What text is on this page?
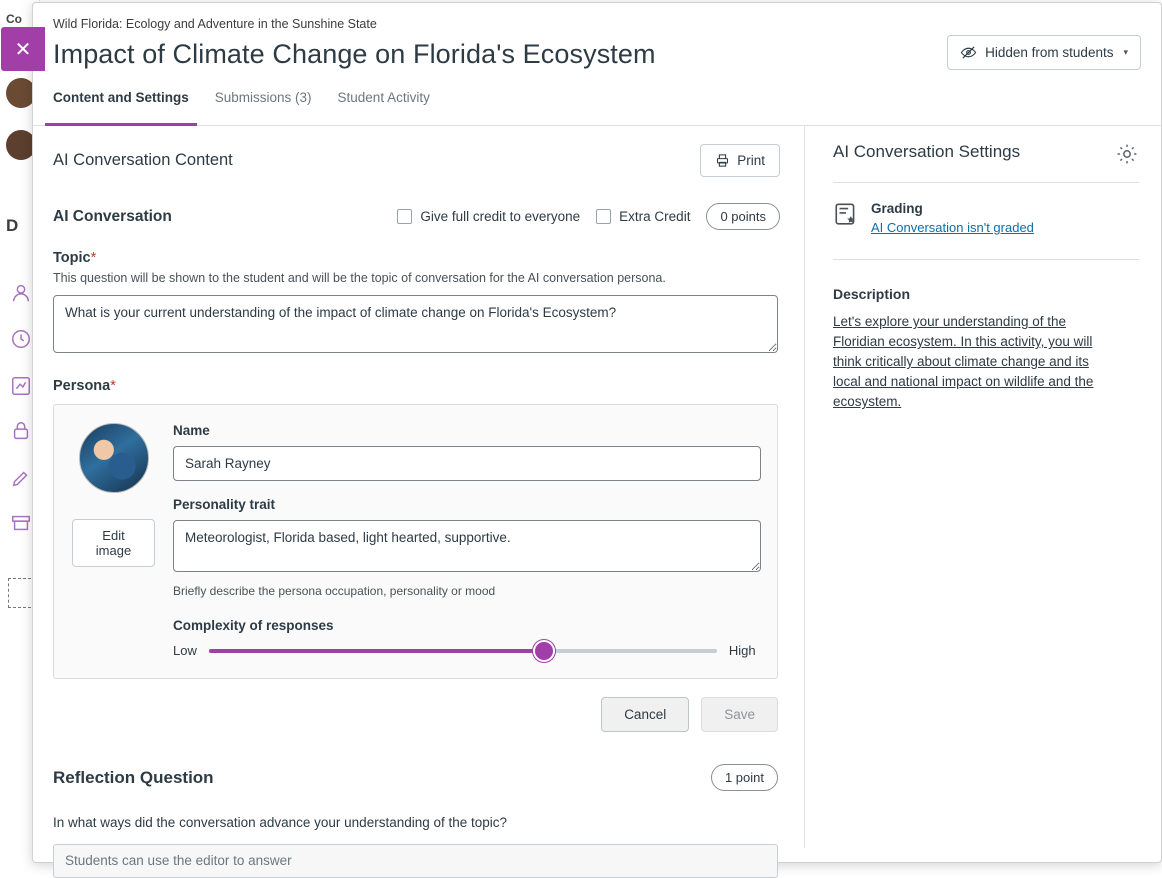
Co
D
✕
Wild Florida: Ecology and Adventure in the Sunshine State
Impact of Climate Change on Florida's Ecosystem	Hidden from students ▾
Content and Settings Submissions (3) Student Activity
AI Conversation Content	Print
AI Conversation	Give full credit to everyone	Extra Credit	0 points
Topic*
This question will be shown to the student and will be the topic of conversation for the AI conversation persona.
What is your current understanding of the impact of climate change on Florida's Ecosystem?
Persona*
Edit image
Name
Sarah Rayney
Personality trait
Meteorologist, Florida based, light hearted, supportive.
Briefly describe the persona occupation, personality or mood
Complexity of responses
Low	High
Cancel	Save
Reflection Question	1 point
In what ways did the conversation advance your understanding of the topic?
Students can use the editor to answer
AI Conversation Settings
Grading
AI Conversation isn't graded
Description
Let's explore your understanding of the Floridian ecosystem. In this activity, you will think critically about climate change and its local and national impact on wildlife and the ecosystem.
